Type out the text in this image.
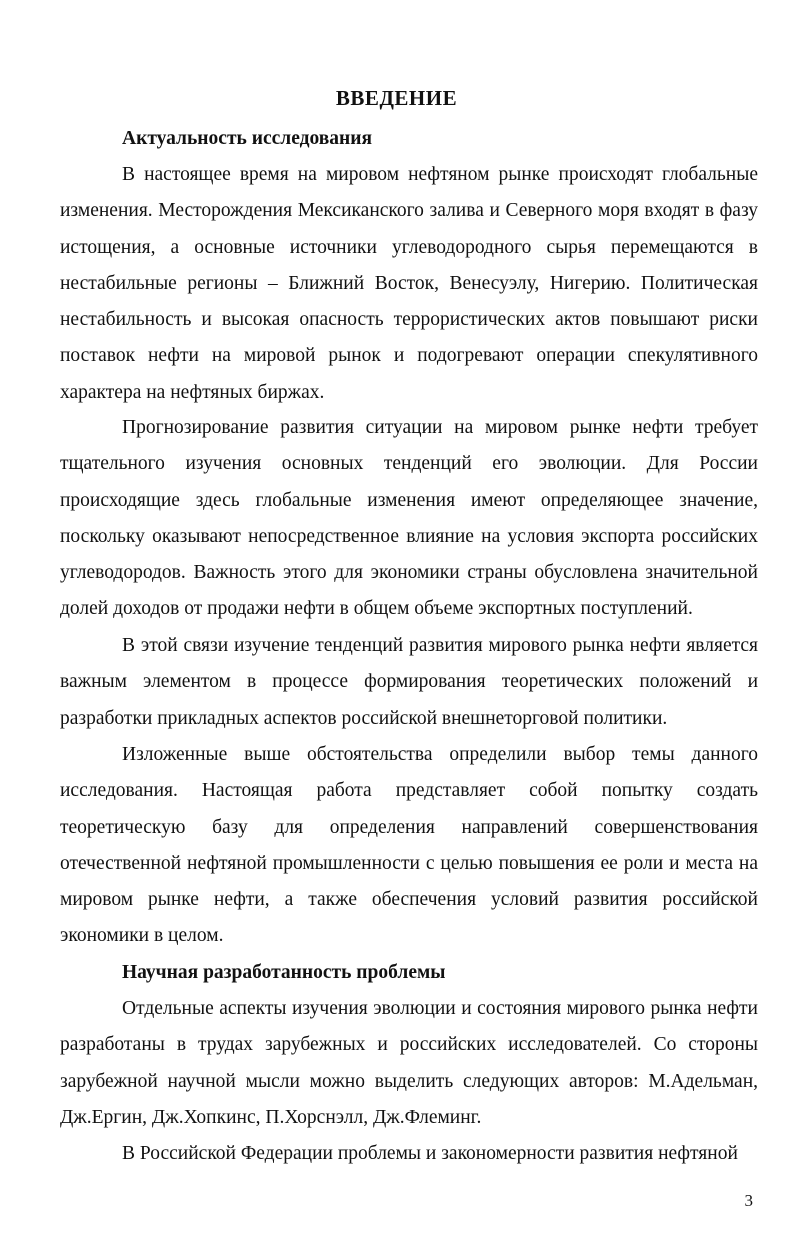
ВВЕДЕНИЕ
Актуальность исследования

В настоящее время на мировом нефтяном рынке происходят глобальные изменения. Месторождения Мексиканского залива и Северного моря входят в фазу истощения, а основные источники углеводородного сырья перемещаются в нестабильные регионы – Ближний Восток, Венесуэлу, Нигерию. Политическая нестабильность и высокая опасность террористических актов повышают риски поставок нефти на мировой рынок и подогревают операции спекулятивного характера на нефтяных биржах.

Прогнозирование развития ситуации на мировом рынке нефти требует тщательного изучения основных тенденций его эволюции. Для России происходящие здесь глобальные изменения имеют определяющее значение, поскольку оказывают непосредственное влияние на условия экспорта российских углеводородов. Важность этого для экономики страны обусловлена значительной долей доходов от продажи нефти в общем объеме экспортных поступлений.

В этой связи изучение тенденций развития мирового рынка нефти является важным элементом в процессе формирования теоретических положений и разработки прикладных аспектов российской внешнеторговой политики.

Изложенные выше обстоятельства определили выбор темы данного исследования. Настоящая работа представляет собой попытку создать теоретическую базу для определения направлений совершенствования отечественной нефтяной промышленности с целью повышения ее роли и места на мировом рынке нефти, а также обеспечения условий развития российской экономики в целом.

Научная разработанность проблемы

Отдельные аспекты изучения эволюции и состояния мирового рынка нефти разработаны в трудах зарубежных и российских исследователей. Со стороны зарубежной научной мысли можно выделить следующих авторов: М.Адельман, Дж.Ергин, Дж.Хопкинс, П.Хорснэлл, Дж.Флеминг.

В Российской Федерации проблемы и закономерности развития нефтяной

3
